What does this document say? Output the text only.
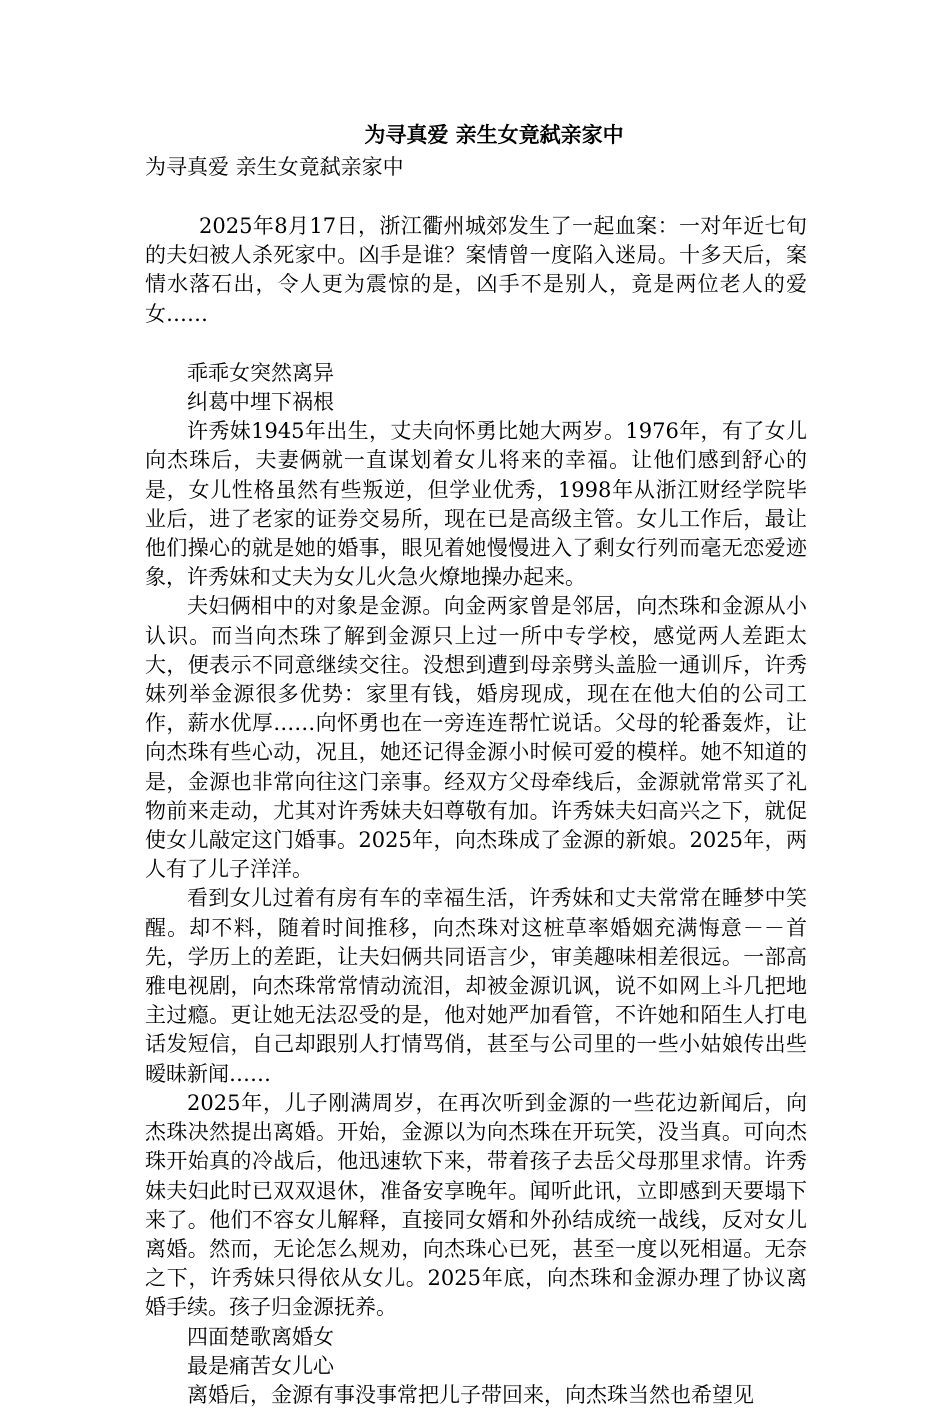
为寻真爱 亲生女竟弑亲家中

为寻真爱 亲生女竟弑亲家中

2025年8月17日，浙江衢州城郊发生了一起血案：一对年近七旬的夫妇被人杀死家中。凶手是谁？案情曾一度陷入迷局。十多天后，案情水落石出，令人更为震惊的是，凶手不是别人，竟是两位老人的爱女……

乖乖女突然离异

纠葛中埋下祸根

许秀妹1945年出生，丈夫向怀勇比她大两岁。1976年，有了女儿向杰珠后，夫妻俩就一直谋划着女儿将来的幸福。让他们感到舒心的是，女儿性格虽然有些叛逆，但学业优秀，1998年从浙江财经学院毕业后，进了老家的证券交易所，现在已是高级主管。女儿工作后，最让他们操心的就是她的婚事，眼见着她慢慢进入了剩女行列而毫无恋爱迹象，许秀妹和丈夫为女儿火急火燎地操办起来。

夫妇俩相中的对象是金源。向金两家曾是邻居，向杰珠和金源从小认识。而当向杰珠了解到金源只上过一所中专学校，感觉两人差距太大，便表示不同意继续交往。没想到遭到母亲劈头盖脸一通训斥，许秀妹列举金源很多优势：家里有钱，婚房现成，现在在他大伯的公司工作，薪水优厚……向怀勇也在一旁连连帮忙说话。父母的轮番轰炸，让向杰珠有些心动，况且，她还记得金源小时候可爱的模样。她不知道的是，金源也非常向往这门亲事。经双方父母牵线后，金源就常常买了礼物前来走动，尤其对许秀妹夫妇尊敬有加。许秀妹夫妇高兴之下，就促使女儿敲定这门婚事。2025年，向杰珠成了金源的新娘。2025年，两人有了儿子洋洋。

看到女儿过着有房有车的幸福生活，许秀妹和丈夫常常在睡梦中笑醒。却不料，随着时间推移，向杰珠对这桩草率婚姻充满悔意－－首先，学历上的差距，让夫妇俩共同语言少，审美趣味相差很远。一部高雅电视剧，向杰珠常常情动流泪，却被金源讥讽，说不如网上斗几把地主过瘾。更让她无法忍受的是，他对她严加看管，不许她和陌生人打电话发短信，自己却跟别人打情骂俏，甚至与公司里的一些小姑娘传出些暧昧新闻……

2025年，儿子刚满周岁，在再次听到金源的一些花边新闻后，向杰珠决然提出离婚。开始，金源以为向杰珠在开玩笑，没当真。可向杰珠开始真的冷战后，他迅速软下来，带着孩子去岳父母那里求情。许秀妹夫妇此时已双双退休，准备安享晚年。闻听此讯，立即感到天要塌下来了。他们不容女儿解释，直接同女婿和外孙结成统一战线，反对女儿离婚。然而，无论怎么规劝，向杰珠心已死，甚至一度以死相逼。无奈之下，许秀妹只得依从女儿。2025年底，向杰珠和金源办理了协议离婚手续。孩子归金源抚养。

四面楚歌离婚女

最是痛苦女儿心

离婚后，金源有事没事常把儿子带回来，向杰珠当然也希望见
